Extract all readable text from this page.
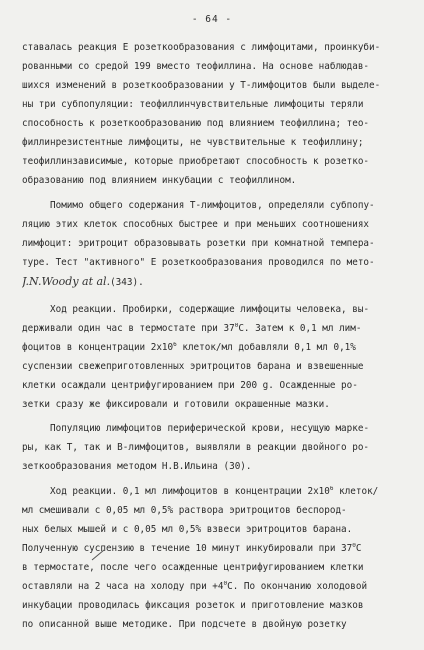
- 64 -
ставалась реакция Е розеткообразования с лимфоцитами, проинкуби-
рованными со средой 199 вместо теофиллина. На основе наблюдав-
шихся изменений в розеткообразовании у Т-лимфоцитов были выделе-
ны три субпопуляции: теофиллинчувствительные лимфоциты теряли
способность к розеткообразованию под влиянием теофиллина; тео-
филлинрезистентные лимфоциты, не чувствительные к теофиллину;
теофиллинзависимые, которые приобретают способность к розетко-
образованию под влиянием инкубации с теофиллином.
Помимо общего содержания Т-лимфоцитов, определяли субпопу-
ляцию этих клеток способных быстрее и при меньших соотношениях
лимфоцит: эритроцит образовывать розетки при комнатной темпера-
туре. Тест "активного" Е розеткообразования проводился по мето-
J.N.Woody at al.(343).
Ход реакции. Пробирки, содержащие лимфоциты человека, вы-
держивали один час в термостате при $37^0С$. Затем к 0,1 мл лим-
фоцитов в концентрации $2х10^6$ клеток/мл добавляли 0,1 мл 0,1%
суспензии свежеприготовленных эритроцитов барана и взвешенные
клетки осаждали центрифугированием при 200 g. Осажденные ро-
зетки сразу же фиксировали и готовили окрашенные мазки.
Популяцию лимфоцитов периферической крови, несущую марке-
ры, как Т, так и В-лимфоцитов, выявляли в реакции двойного ро-
зеткообразования методом Н.В.Ильина (30).
Ход реакции. 0,1 мл лимфоцитов в концентрации $2х10^6$ клеток/
мл смешивали с 0,05 мл 0,5% раствора эритроцитов беспород-
ных белых мышей и с 0,05 мл 0,5% взвеси эритроцитов барана.
Полученную суспензию в течение 10 минут инкубировали при $37^0С$
в термостате, после чего осажденные центрифугированием клетки
оставляли на 2 часа на холоду при $+4^0С$. По окончанию холодовой
инкубации проводилась фиксация розеток и приготовление мазков
по описанной выше методике. При подсчете в двойную розетку
